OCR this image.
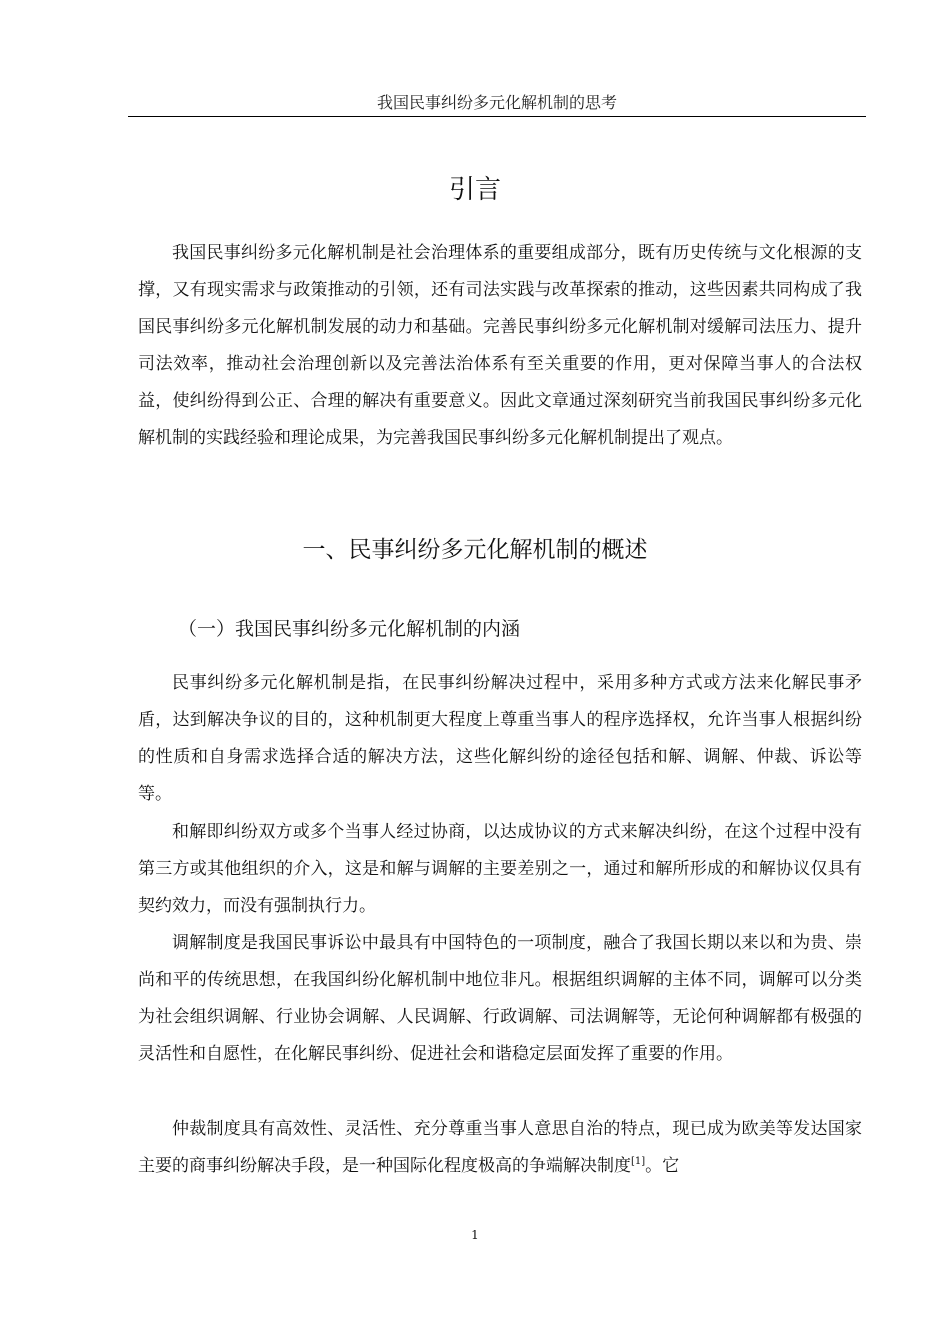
我国民事纠纷多元化解机制的思考
引言

我国民事纠纷多元化解机制是社会治理体系的重要组成部分，既有历史传统与文化根源的支撑，又有现实需求与政策推动的引领，还有司法实践与改革探索的推动，这些因素共同构成了我国民事纠纷多元化解机制发展的动力和基础。完善民事纠纷多元化解机制对缓解司法压力、提升司法效率，推动社会治理创新以及完善法治体系有至关重要的作用，更对保障当事人的合法权益，使纠纷得到公正、合理的解决有重要意义。因此文章通过深刻研究当前我国民事纠纷多元化解机制的实践经验和理论成果，为完善我国民事纠纷多元化解机制提出了观点。

一、民事纠纷多元化解机制的概述
（一）我国民事纠纷多元化解机制的内涵

民事纠纷多元化解机制是指，在民事纠纷解决过程中，采用多种方式或方法来化解民事矛盾，达到解决争议的目的，这种机制更大程度上尊重当事人的程序选择权，允许当事人根据纠纷的性质和自身需求选择合适的解决方法，这些化解纠纷的途径包括和解、调解、仲裁、诉讼等等。

和解即纠纷双方或多个当事人经过协商，以达成协议的方式来解决纠纷，在这个过程中没有第三方或其他组织的介入，这是和解与调解的主要差别之一，通过和解所形成的和解协议仅具有契约效力，而没有强制执行力。

调解制度是我国民事诉讼中最具有中国特色的一项制度，融合了我国长期以来以和为贵、崇尚和平的传统思想，在我国纠纷化解机制中地位非凡。根据组织调解的主体不同，调解可以分类为社会组织调解、行业协会调解、人民调解、行政调解、司法调解等，无论何种调解都有极强的灵活性和自愿性，在化解民事纠纷、促进社会和谐稳定层面发挥了重要的作用。

仲裁制度具有高效性、灵活性、充分尊重当事人意思自治的特点，现已成为欧美等发达国家主要的商事纠纷解决手段，是一种国际化程度极高的争端解决制度[1]。它

1
